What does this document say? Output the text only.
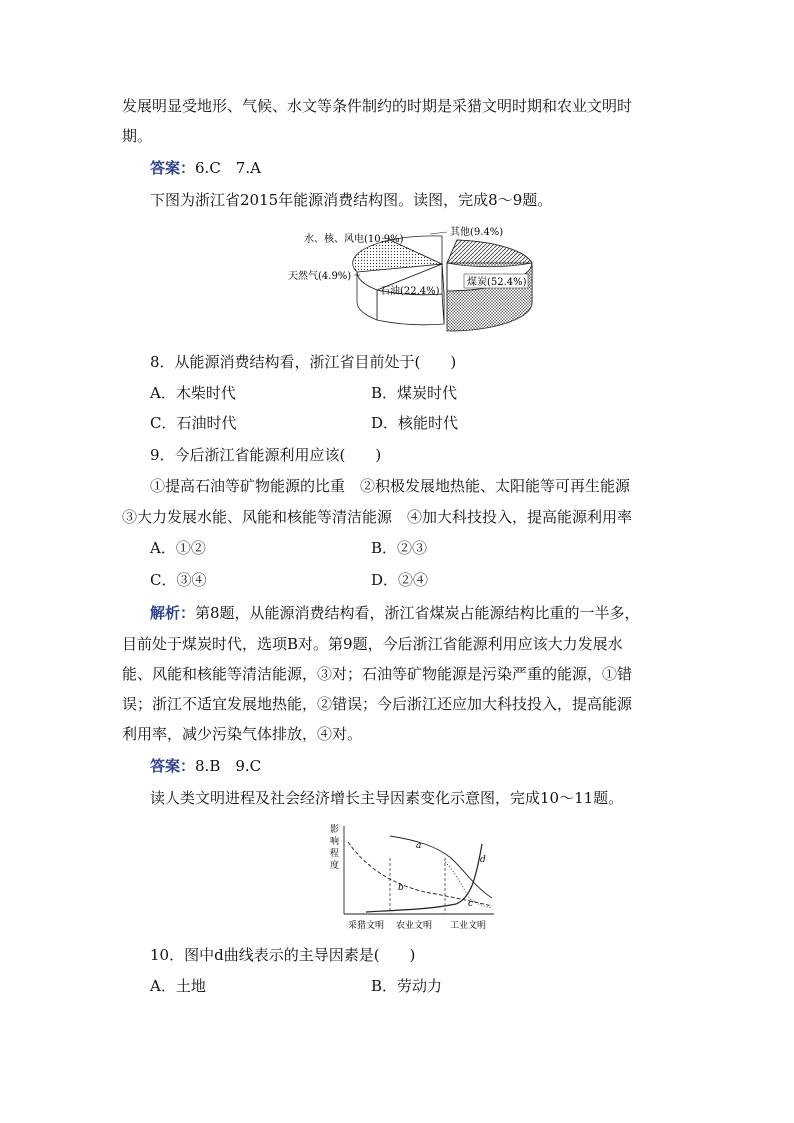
发展明显受地形、气候、水文等条件制约的时期是采猎文明时期和农业文明时
期。
答案：6.C　7.A
下图为浙江省2015年能源消费结构图。读图，完成8～9题。
水、核、风电(10.9%)
其他(9.4%)
天然气(4.9%)
石油(22.4%)
煤炭(52.4%)
8．从能源消费结构看，浙江省目前处于(　　)
A．木柴时代	B．煤炭时代
C．石油时代	D．核能时代
9．今后浙江省能源利用应该(　　)
①提高石油等矿物能源的比重　②积极发展地热能、太阳能等可再生能源
③大力发展水能、风能和核能等清洁能源　④加大科技投入，提高能源利用率
A．①②	B．②③
C．③④	D．②④
解析：第8题，从能源消费结构看，浙江省煤炭占能源结构比重的一半多，
目前处于煤炭时代，选项B对。第9题，今后浙江省能源利用应该大力发展水
能、风能和核能等清洁能源，③对；石油等矿物能源是污染严重的能源，①错
误；浙江不适宜发展地热能，②错误；今后浙江还应加大科技投入，提高能源
利用率，减少污染气体排放，④对。
答案：8.B　9.C
读人类文明进程及社会经济增长主导因素变化示意图，完成10～11题。
影
响
程
度
a
b
c
d
采猎文明 农业文明 工业文明
10．图中d曲线表示的主导因素是(　　)
A．土地	B．劳动力
